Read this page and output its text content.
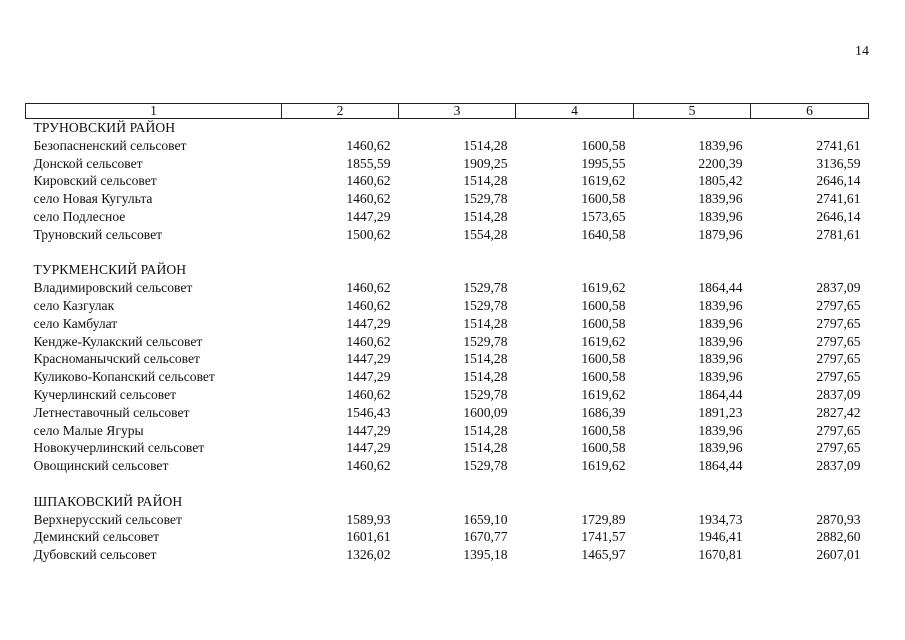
14
1	2	3	4	5	6
ТРУНОВСКИЙ РАЙОН					
Безопасненский сельсовет	1460,62	1514,28	1600,58	1839,96	2741,61
Донской сельсовет	1855,59	1909,25	1995,55	2200,39	3136,59
Кировский сельсовет	1460,62	1514,28	1619,62	1805,42	2646,14
село Новая Кугульта	1460,62	1529,78	1600,58	1839,96	2741,61
село Подлесное	1447,29	1514,28	1573,65	1839,96	2646,14
Труновский сельсовет	1500,62	1554,28	1640,58	1879,96	2781,61

ТУРКМЕНСКИЙ РАЙОН					
Владимировский сельсовет	1460,62	1529,78	1619,62	1864,44	2837,09
село Казгулак	1460,62	1529,78	1600,58	1839,96	2797,65
село Камбулат	1447,29	1514,28	1600,58	1839,96	2797,65
Кендже-Кулакский сельсовет	1460,62	1529,78	1619,62	1839,96	2797,65
Красноманычский сельсовет	1447,29	1514,28	1600,58	1839,96	2797,65
Куликово-Копанский сельсовет	1447,29	1514,28	1600,58	1839,96	2797,65
Кучерлинский сельсовет	1460,62	1529,78	1619,62	1864,44	2837,09
Летнеставочный сельсовет	1546,43	1600,09	1686,39	1891,23	2827,42
село Малые Ягуры	1447,29	1514,28	1600,58	1839,96	2797,65
Новокучерлинский сельсовет	1447,29	1514,28	1600,58	1839,96	2797,65
Овощинский сельсовет	1460,62	1529,78	1619,62	1864,44	2837,09

ШПАКОВСКИЙ РАЙОН					
Верхнерусский сельсовет	1589,93	1659,10	1729,89	1934,73	2870,93
Деминский сельсовет	1601,61	1670,77	1741,57	1946,41	2882,60
Дубовский сельсовет	1326,02	1395,18	1465,97	1670,81	2607,01
